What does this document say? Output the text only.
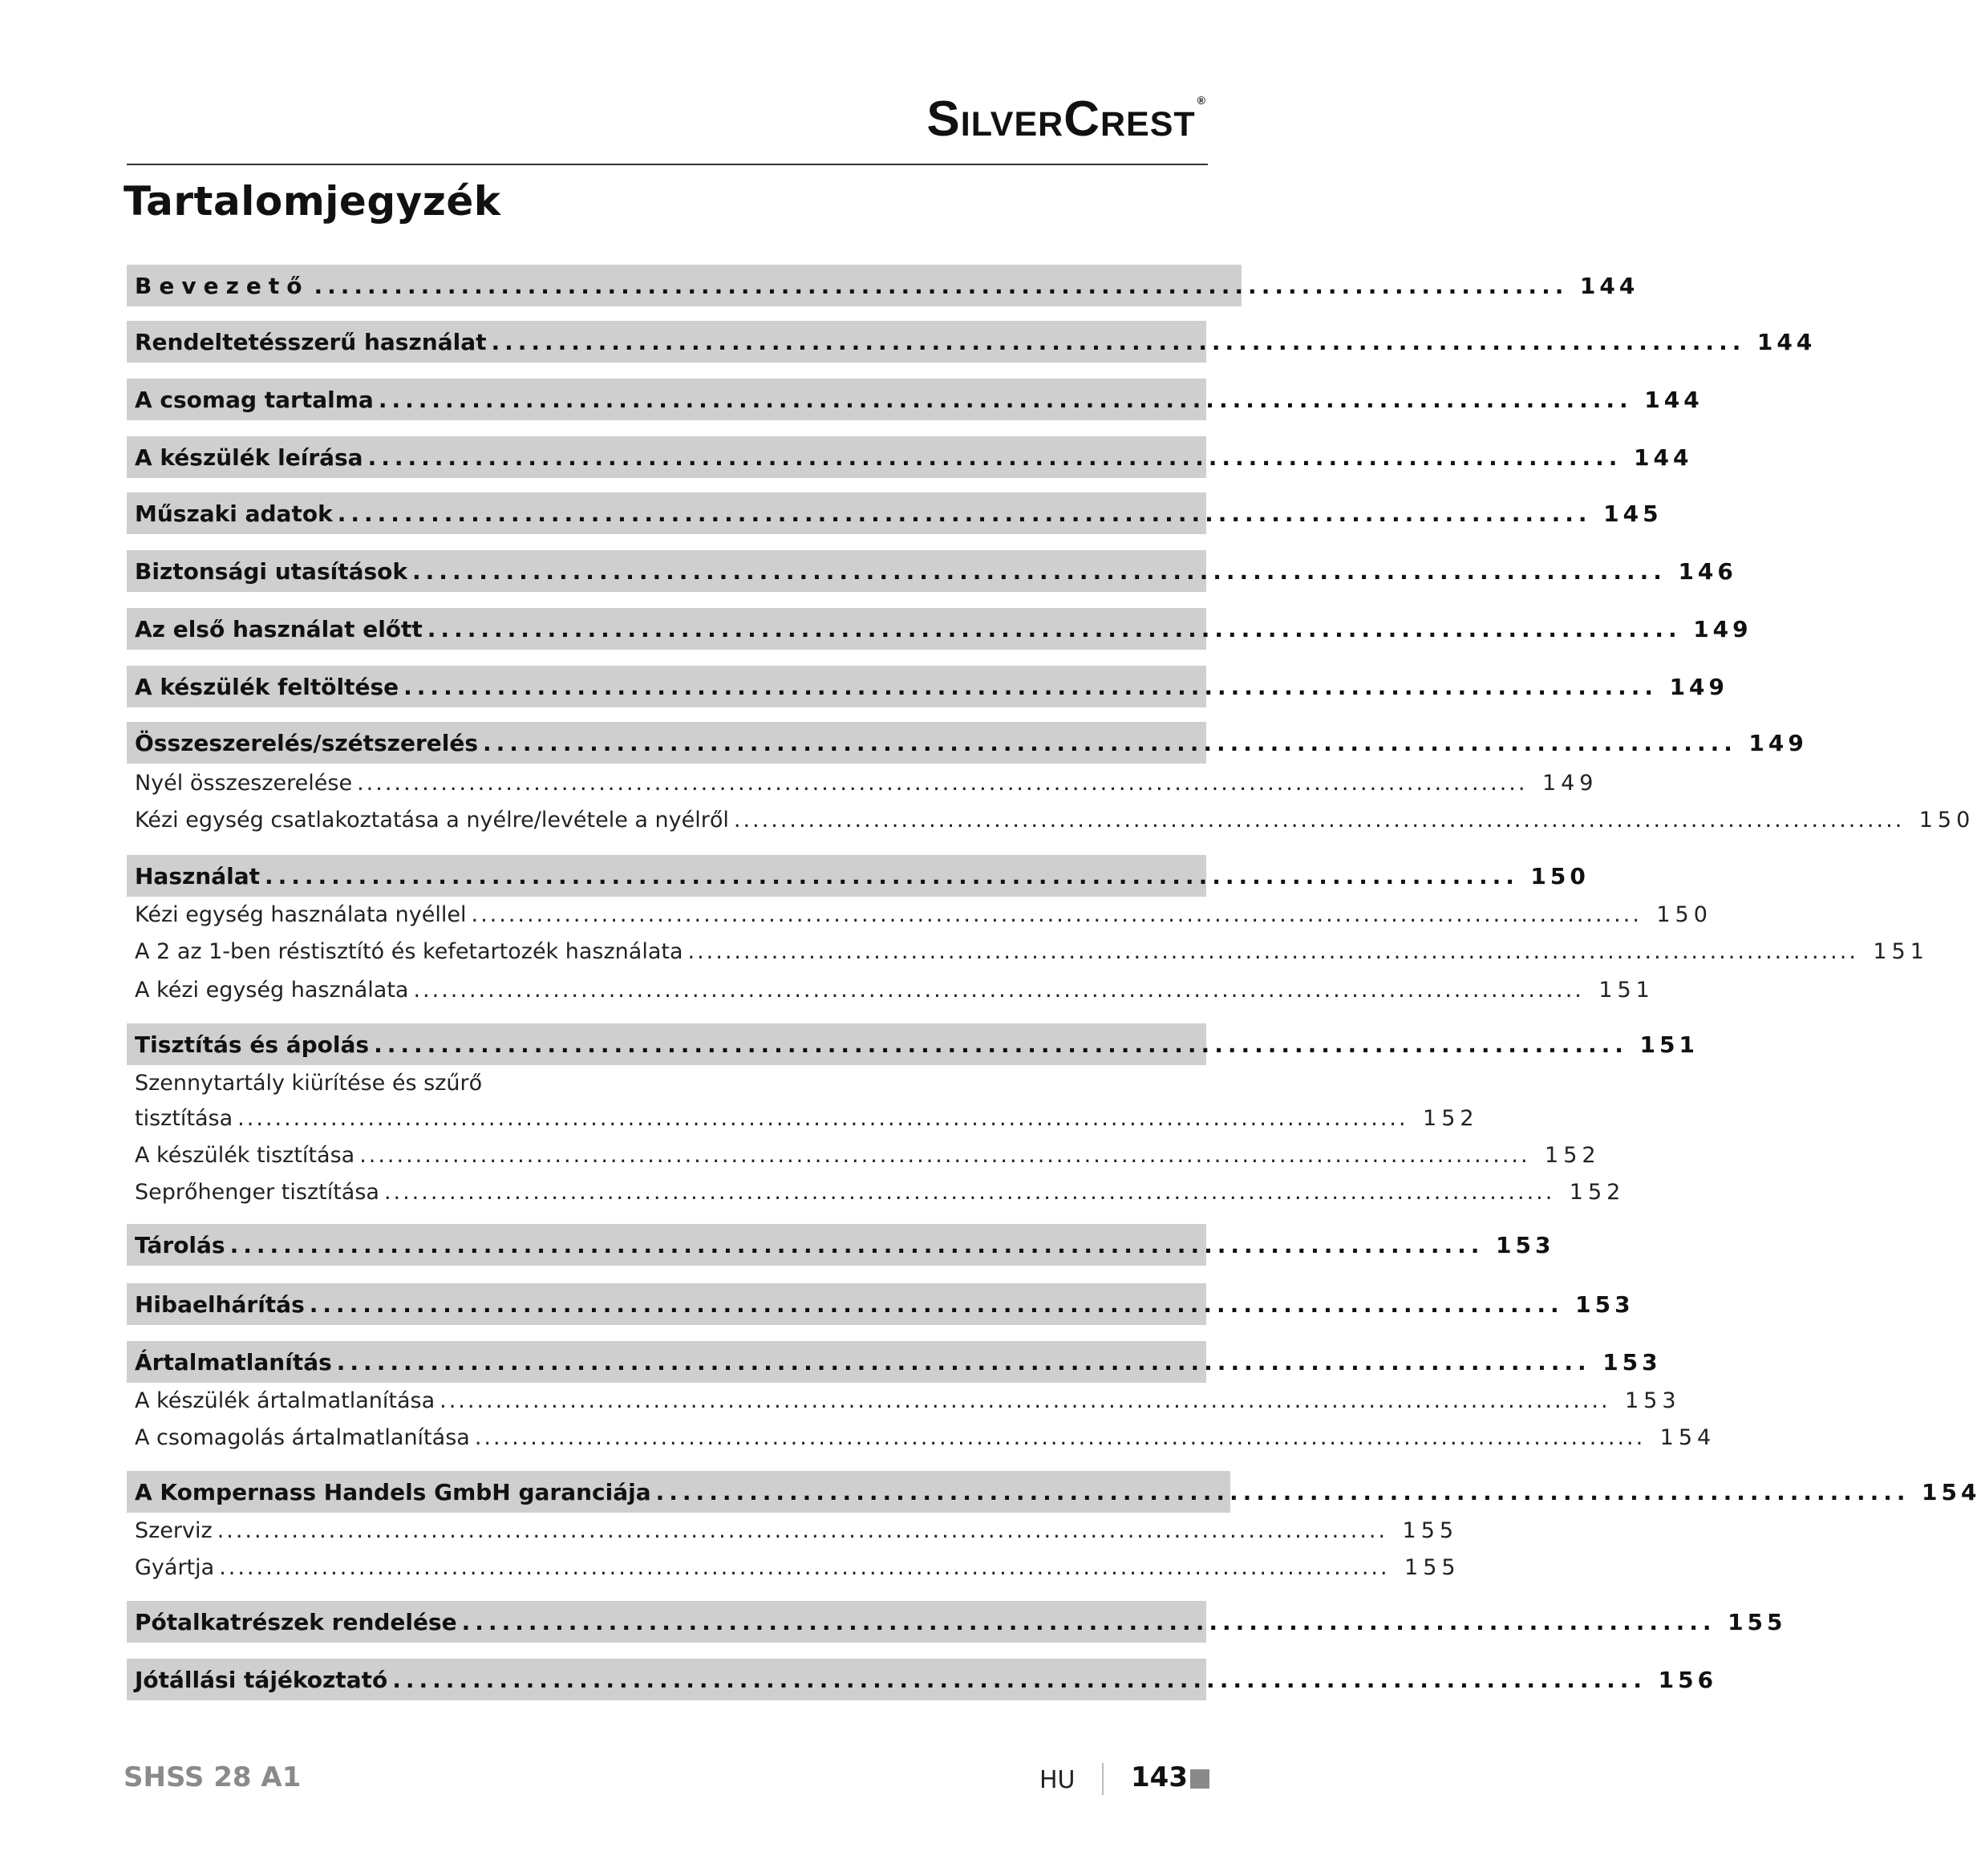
SilverCrest ®
Tartalomjegyzék
Bevezető .............................................................................................. 144
Rendeltetésszerű használat .............................................................................................. 144
A csomag tartalma .............................................................................................. 144
A készülék leírása .............................................................................................. 144
Műszaki adatok .............................................................................................. 145
Biztonsági utasítások .............................................................................................. 146
Az első használat előtt .............................................................................................. 149
A készülék feltöltése .............................................................................................. 149
Összeszerelés/szétszerelés .............................................................................................. 149
Nyél összeszerelése .............................................................................................................................. 149
Kézi egység csatlakoztatása a nyélre/levétele a nyélről .............................................................................................................................. 150
Használat .............................................................................................. 150
Kézi egység használata nyéllel .............................................................................................................................. 150
A 2 az 1-ben réstisztító és kefetartozék használata .............................................................................................................................. 151
A kézi egység használata .............................................................................................................................. 151
Tisztítás és ápolás .............................................................................................. 151
Szennytartály kiürítése és szűrő
tisztítása .............................................................................................................................. 152
A készülék tisztítása .............................................................................................................................. 152
Seprőhenger tisztítása .............................................................................................................................. 152
Tárolás .............................................................................................. 153
Hibaelhárítás .............................................................................................. 153
Ártalmatlanítás .............................................................................................. 153
A készülék ártalmatlanítása .............................................................................................................................. 153
A csomagolás ártalmatlanítása .............................................................................................................................. 154
A Kompernass Handels GmbH garanciája .............................................................................................. 154
Szerviz .............................................................................................................................. 155
Gyártja .............................................................................................................................. 155
Pótalkatrészek rendelése .............................................................................................. 155
Jótállási tájékoztató .............................................................................................. 156
SHSS 28 A1	HU 143
